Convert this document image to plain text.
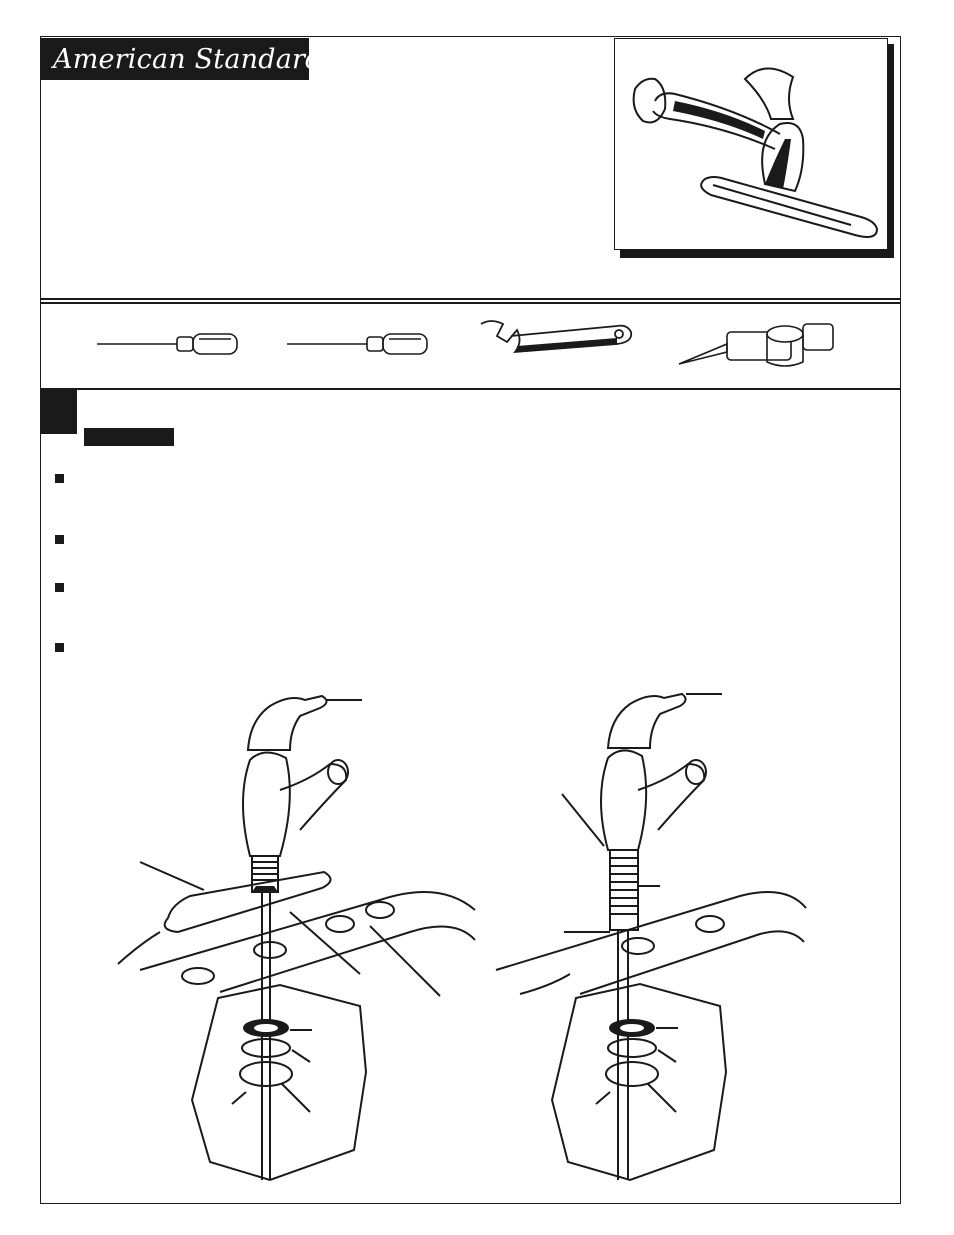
American Standard
